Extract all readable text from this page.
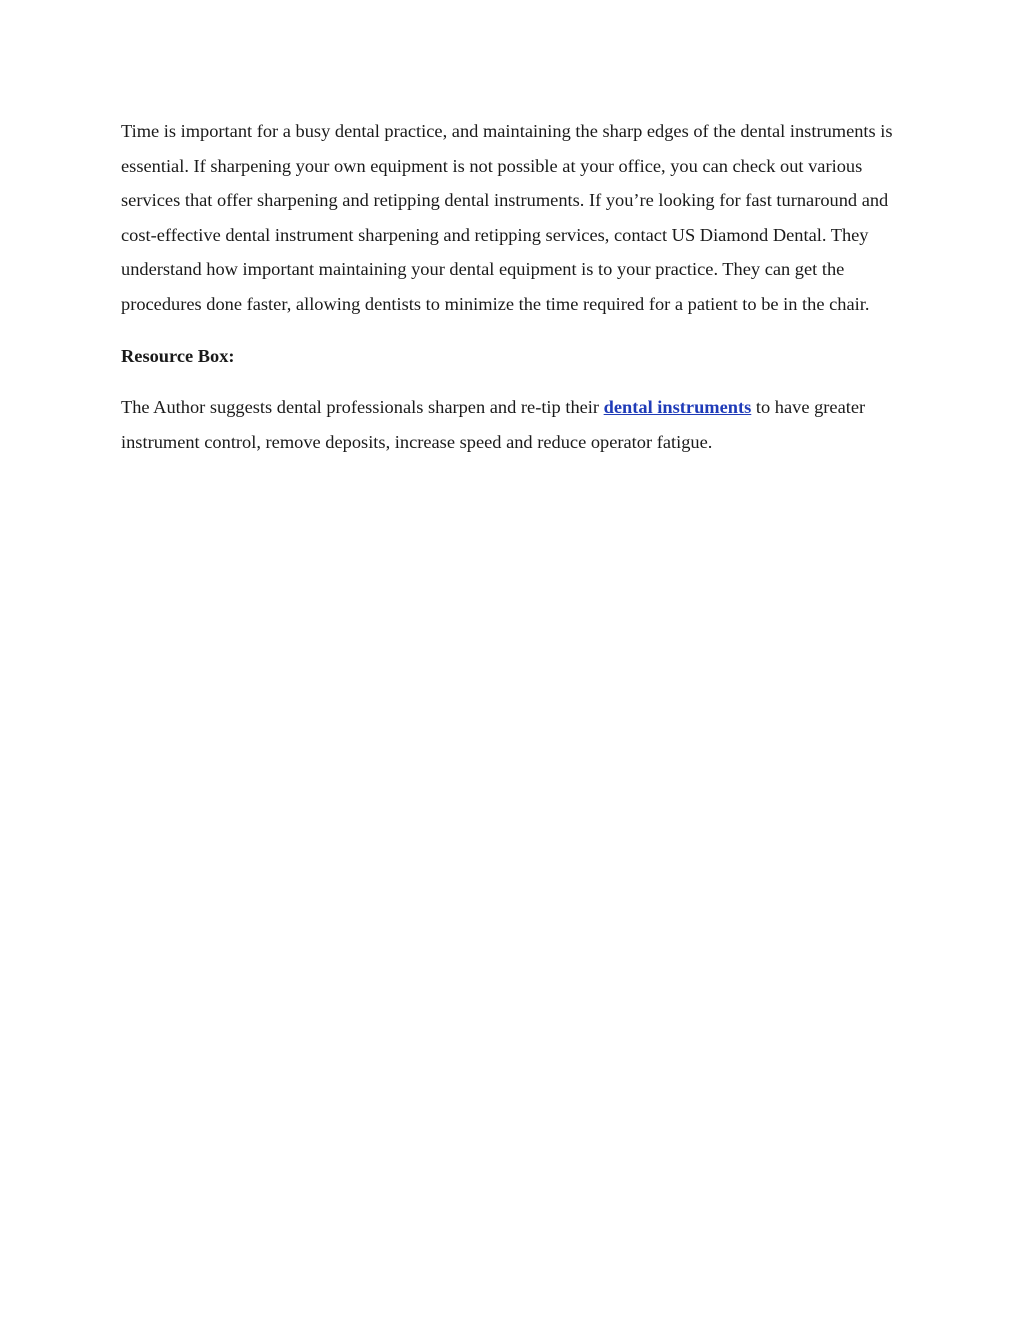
Time is important for a busy dental practice, and maintaining the sharp edges of the dental instruments is essential. If sharpening your own equipment is not possible at your office, you can check out various services that offer sharpening and retipping dental instruments. If you’re looking for fast turnaround and cost-effective dental instrument sharpening and retipping services, contact US Diamond Dental. They understand how important maintaining your dental equipment is to your practice. They can get the procedures done faster, allowing dentists to minimize the time required for a patient to be in the chair.

Resource Box:

The Author suggests dental professionals sharpen and re-tip their dental instruments to have greater instrument control, remove deposits, increase speed and reduce operator fatigue.
